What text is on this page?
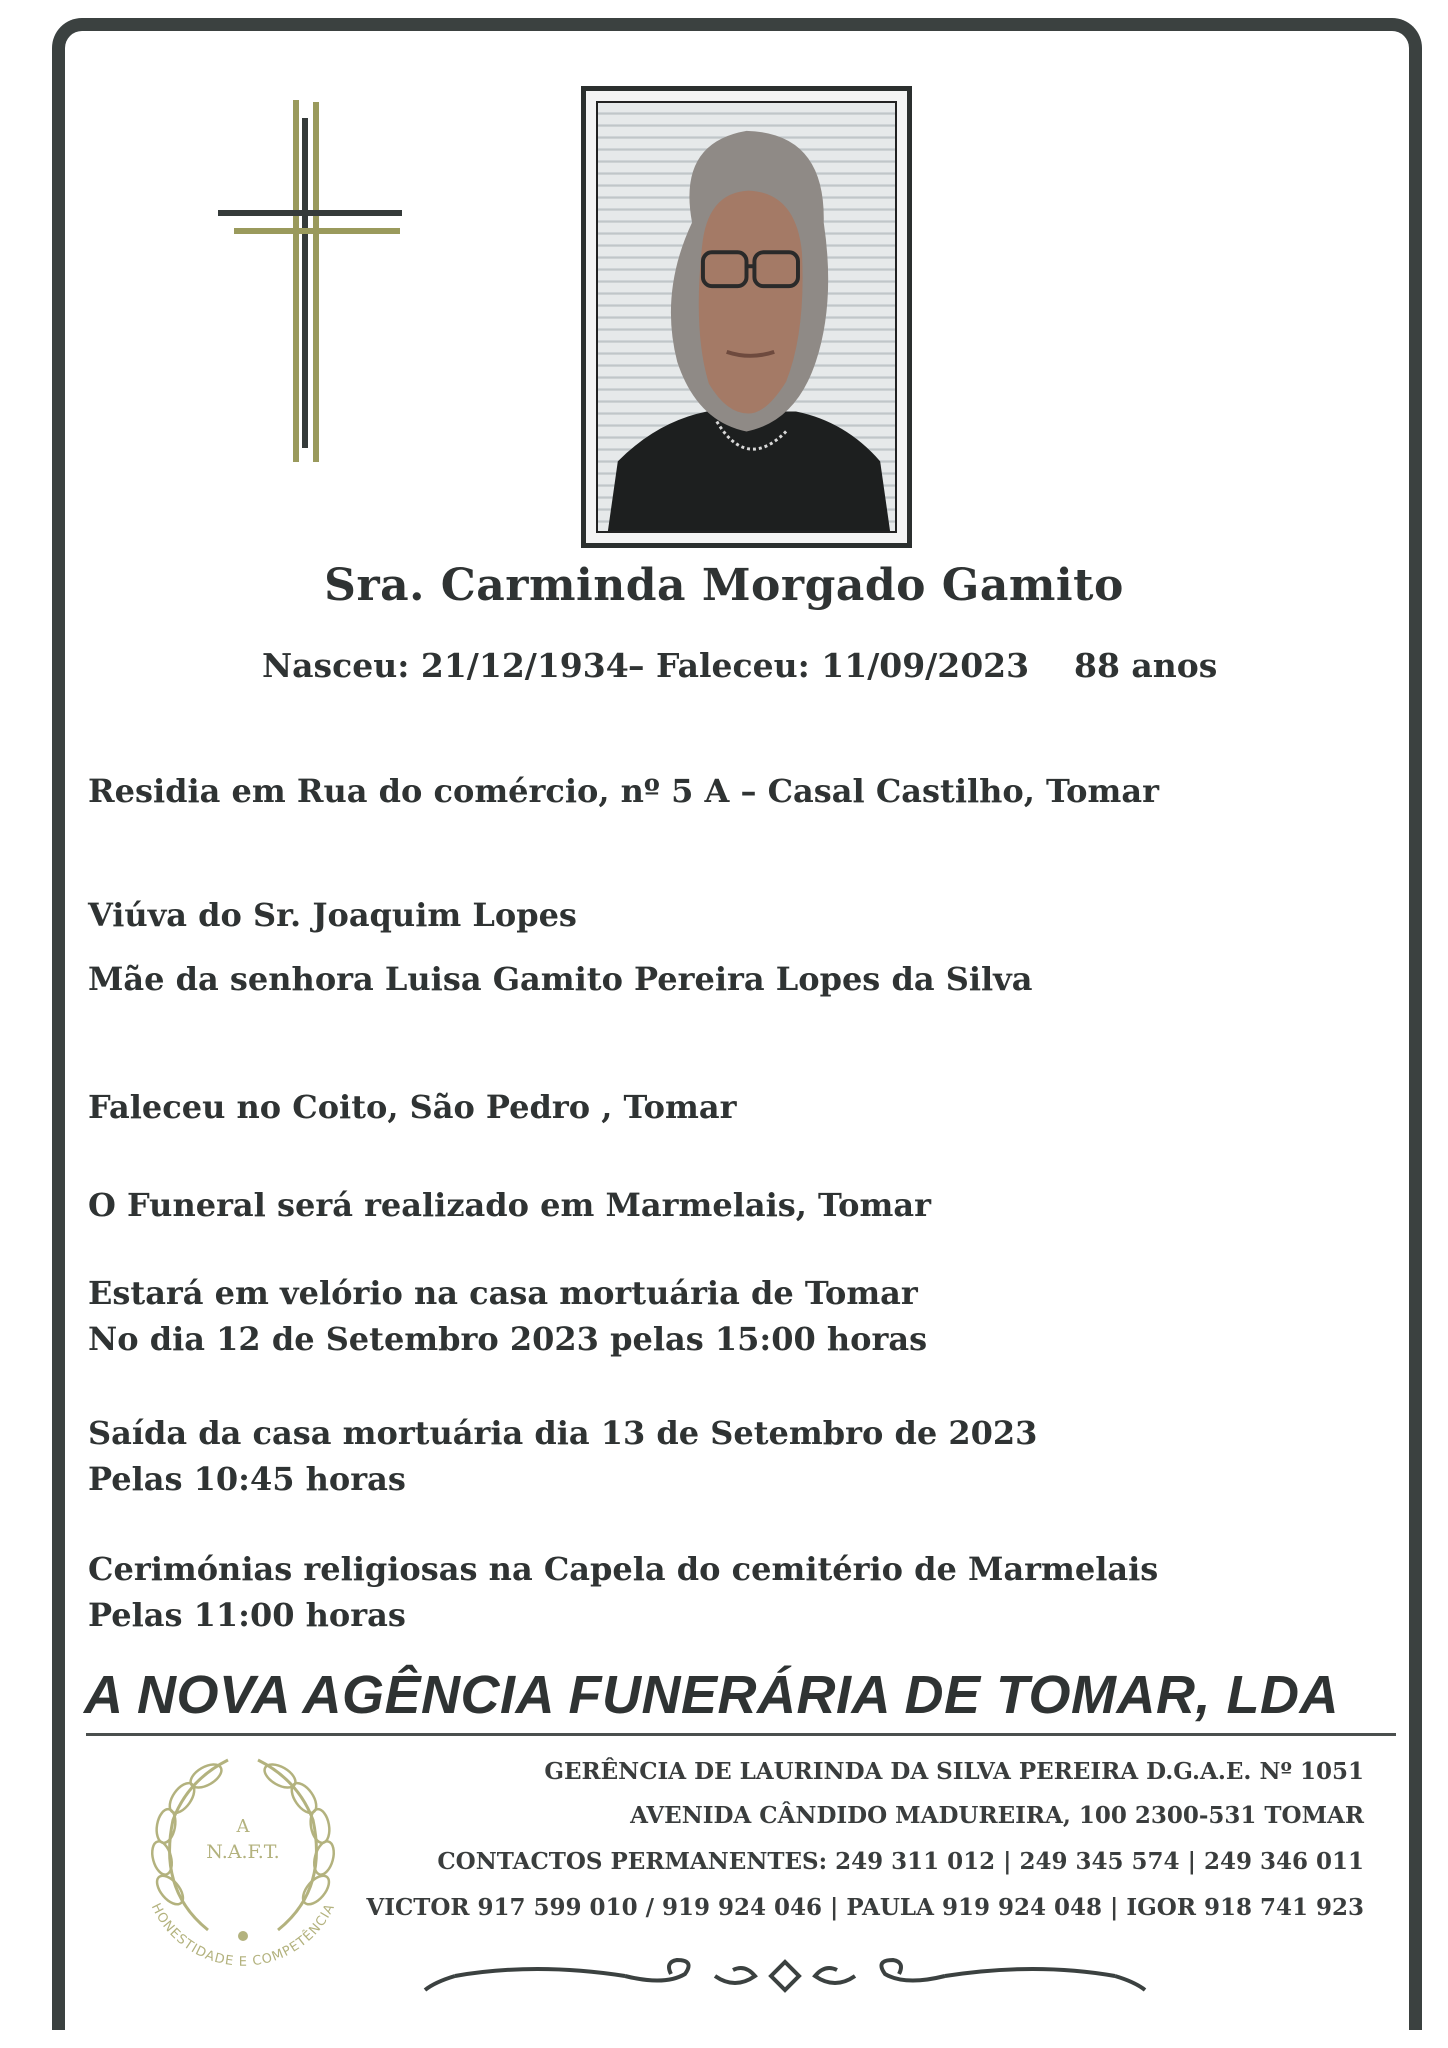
Sra. Carminda Morgado Gamito
Nasceu: 21/12/1934 – Faleceu: 11/09/2023 88 anos
Residia em Rua do comércio, nº 5 A – Casal Castilho, Tomar
Viúva do Sr. Joaquim Lopes
Mãe da senhora Luisa Gamito Pereira Lopes da Silva
Faleceu no Coito, São Pedro , Tomar
O Funeral será realizado em Marmelais, Tomar
Estará em velório na casa mortuária de Tomar
No dia 12 de Setembro 2023 pelas 15:00 horas
Saída da casa mortuária dia 13 de Setembro de 2023
Pelas 10:45 horas
Cerimónias religiosas na Capela do cemitério de Marmelais
Pelas 11:00 horas
A NOVA AGÊNCIA FUNERÁRIA DE TOMAR, LDA
A
N.A.F.T.
HONESTIDADE E COMPETÊNCIA
GERÊNCIA DE LAURINDA DA SILVA PEREIRA D.G.A.E. Nº 1051
AVENIDA CÂNDIDO MADUREIRA, 100 2300-531 TOMAR
CONTACTOS PERMANENTES: 249 311 012 | 249 345 574 | 249 346 011
VICTOR 917 599 010 / 919 924 046 | PAULA 919 924 048 | IGOR 918 741 923
